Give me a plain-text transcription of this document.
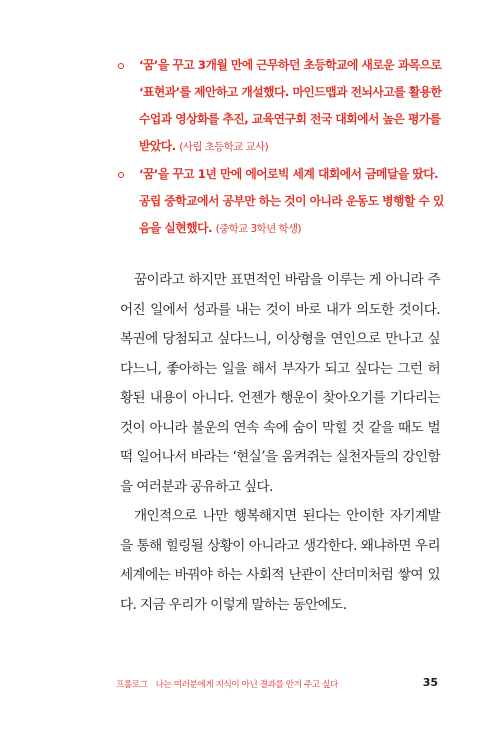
‘꿈’을 꾸고 3개월 만에 근무하던 초등학교에 새로운 과목으로 ‘표현과’를 제안하고 개설했다. 마인드맵과 전뇌사고를 활용한 수업과 영상화를 추진, 교육연구회 전국 대회에서 높은 평가를 받았다. (사립 초등학교 교사)
‘꿈’을 꾸고 1년 만에 에어로빅 세계 대회에서 금메달을 땄다. 공립 중학교에서 공부만 하는 것이 아니라 운동도 병행할 수 있음을 실현했다. (중학교 3학년 학생)

꿈이라고 하지만 표면적인 바람을 이루는 게 아니라 주어진 일에서 성과를 내는 것이 바로 내가 의도한 것이다. 복권에 당첨되고 싶다느니, 이상형을 연인으로 만나고 싶다느니, 좋아하는 일을 해서 부자가 되고 싶다는 그런 허황된 내용이 아니다. 언젠가 행운이 찾아오기를 기다리는 것이 아니라 불운의 연속 속에 숨이 막힐 것 같을 때도 벌떡 일어나서 바라는 ‘현실’을 움켜쥐는 실천자들의 강인함을 여러분과 공유하고 싶다.

개인적으로 나만 행복해지면 된다는 안이한 자기계발을 통해 힐링될 상황이 아니라고 생각한다. 왜냐하면 우리 세계에는 바꿔야 하는 사회적 난관이 산더미처럼 쌓여 있다. 지금 우리가 이렇게 말하는 동안에도.

프롤로그 나는 여러분에게 지식이 아닌 결과를 안겨 주고 싶다	35
